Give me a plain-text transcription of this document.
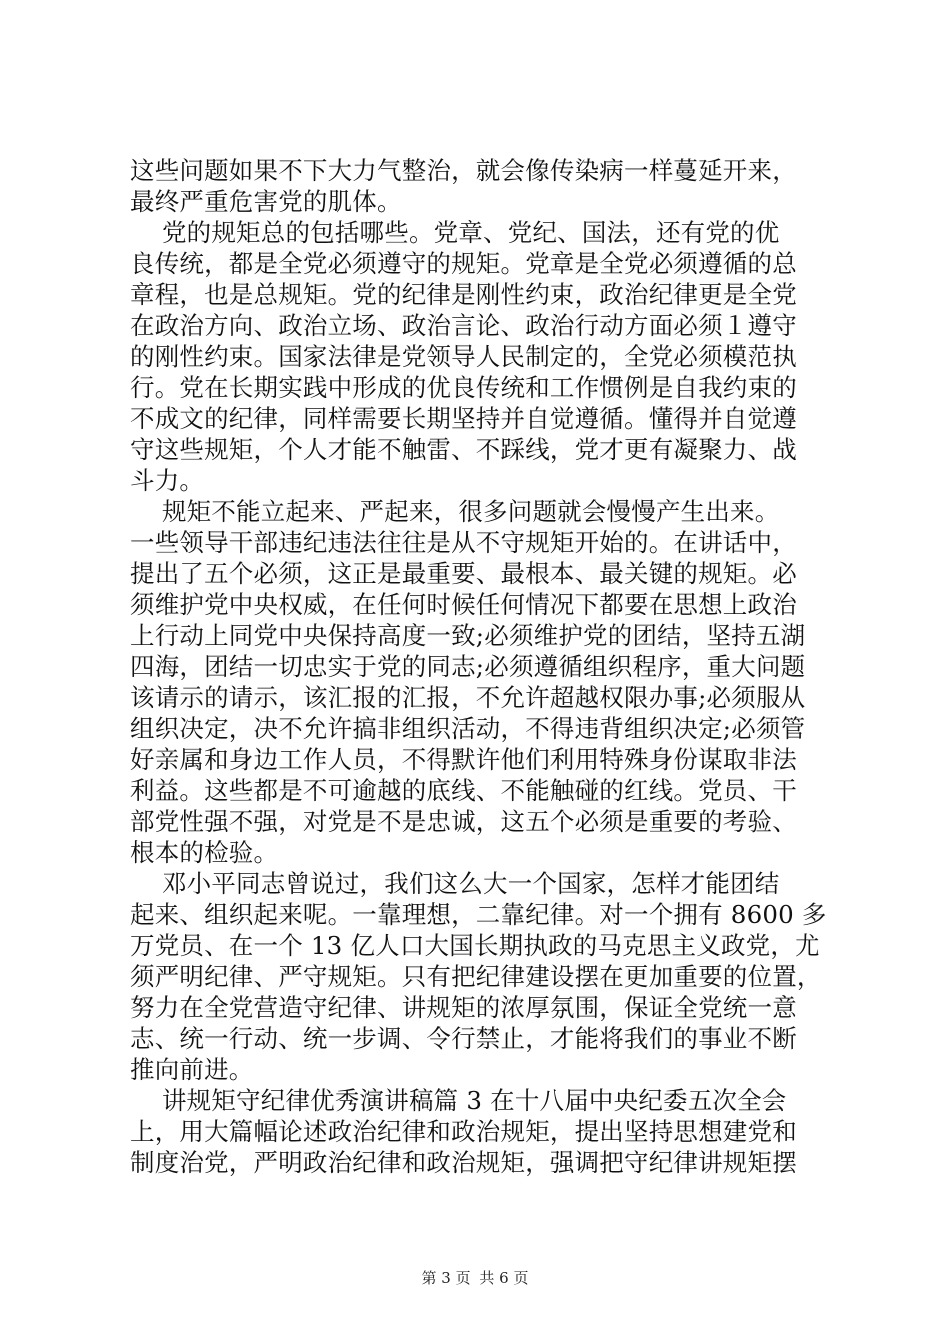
这些问题如果不下大力气整治，就会像传染病一样蔓延开来，
最终严重危害党的肌体。
党的规矩总的包括哪些。党章、党纪、国法，还有党的优
良传统，都是全党必须遵守的规矩。党章是全党必须遵循的总
章程，也是总规矩。党的纪律是刚性约束，政治纪律更是全党
在政治方向、政治立场、政治言论、政治行动方面必须１遵守
的刚性约束。国家法律是党领导人民制定的，全党必须模范执
行。党在长期实践中形成的优良传统和工作惯例是自我约束的
不成文的纪律，同样需要长期坚持并自觉遵循。懂得并自觉遵
守这些规矩，个人才能不触雷、不踩线，党才更有凝聚力、战
斗力。
规矩不能立起来、严起来，很多问题就会慢慢产生出来。
一些领导干部违纪违法往往是从不守规矩开始的。在讲话中，
提出了五个必须，这正是最重要、最根本、最关键的规矩。必
须维护党中央权威，在任何时候任何情况下都要在思想上政治
上行动上同党中央保持高度一致;必须维护党的团结，坚持五湖
四海，团结一切忠实于党的同志;必须遵循组织程序，重大问题
该请示的请示，该汇报的汇报，不允许超越权限办事;必须服从
组织决定，决不允许搞非组织活动，不得违背组织决定;必须管
好亲属和身边工作人员，不得默许他们利用特殊身份谋取非法
利益。这些都是不可逾越的底线、不能触碰的红线。党员、干
部党性强不强，对党是不是忠诚，这五个必须是重要的考验、
根本的检验。
邓小平同志曾说过，我们这么大一个国家，怎样才能团结
起来、组织起来呢。一靠理想，二靠纪律。对一个拥有 8600 多
万党员、在一个 13 亿人口大国长期执政的马克思主义政党，尤
须严明纪律、严守规矩。只有把纪律建设摆在更加重要的位置，
努力在全党营造守纪律、讲规矩的浓厚氛围，保证全党统一意
志、统一行动、统一步调、令行禁止，才能将我们的事业不断
推向前进。
讲规矩守纪律优秀演讲稿篇 3 在十八届中央纪委五次全会
上，用大篇幅论述政治纪律和政治规矩，提出坚持思想建党和
制度治党，严明政治纪律和政治规矩，强调把守纪律讲规矩摆
第 3 页 共 6 页
